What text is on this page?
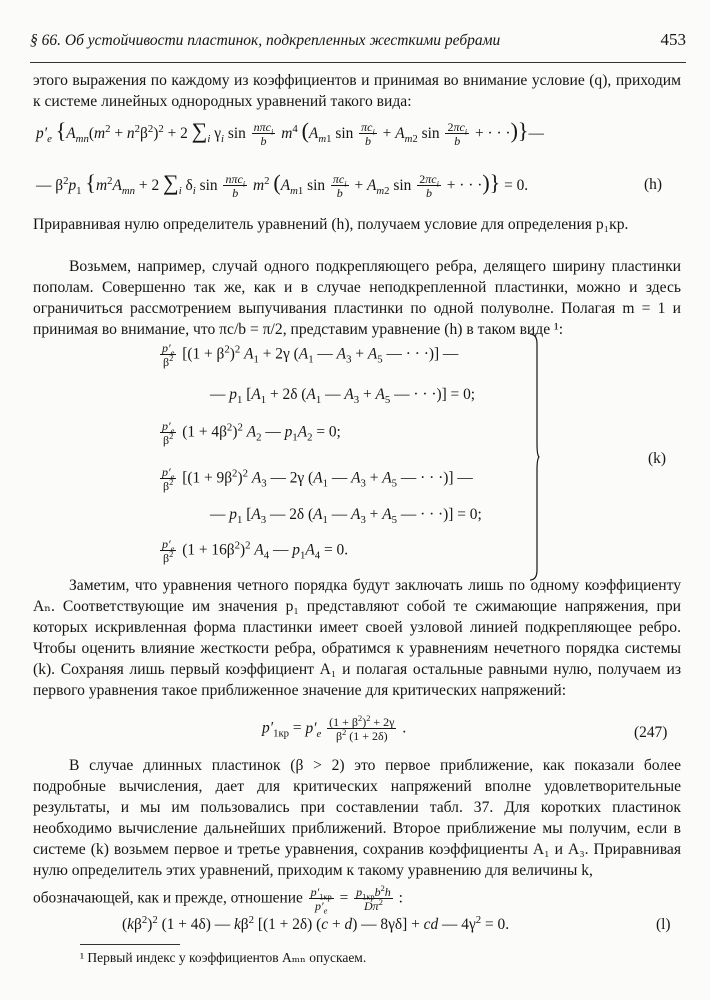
§ 66. Об устойчивости пластинок, подкрепленных жесткими ребрами	453
этого выражения по каждому из коэффициентов и принимая во внимание условие (q), приходим к системе линейных однородных уравнений такого вида:
$p'_e$ {$A_{mn}(m^2 + n^2\beta^2)^2 + 2$ $\sum_i$ $\gamma_i$ $\sin \frac{n\pi c_i}{b} m^4$ ($A_{m1}$ $\sin \frac{\pi c_i}{b} + A_{m2}$ $\sin \frac{2\pi c_i}{b}$ + · · ·)}—
— $\beta^2p_1$ {$m^2A_{mn} + 2$ $\sum_i$ $\delta_i$ $\sin \frac{n\pi c_i}{b} m^2$ ($A_{m1}$ $\sin \frac{\pi c_i}{b} + A_{m2}$ $\sin \frac{2\pi c_i}{b}$ + · · ·)} = 0.	(h)
Приравнивая нулю определитель уравнений (h), получаем условие для определения p₁кр.
Возьмем, например, случай одного подкрепляющего ребра, делящего ширину пластинки пополам. Совершенно так же, как и в случае неподкрепленной пластинки, можно и здесь ограничиться рассмотрением выпучивания пластинки по одной полуволне. Полагая m = 1 и принимая во внимание, что πc/b = π/2, представим уравнение (h) в таком виде ¹:
$\frac{p'_e}{\beta^2} [(1 + \beta^2)^2$ $A_1 + 2\gamma$ ($A_1$ — $A_3 + A_5$ — · · ·)] —
— $p_1$ [$A_1 + 2\delta$ ($A_1$ — $A_3 + A_5$ — · · ·)] = 0;
$\frac{p'_e}{\beta^2} (1 + 4\beta^2)^2$ $A_2$ — $p_1A_2 = 0$;
$\frac{p'_e}{\beta^2} [(1 + 9\beta^2)^2$ $A_3$ — 2γ ($A_1$ — $A_3 + A_5$ — · · ·)] —
— $p_1$ [$A_3$ — 2δ ($A_1$ — $A_3 + A_5$ — · · ·)] = 0;
$\frac{p'_e}{\beta^2} (1 + 16\beta^2)^2$ $A_4$ — $p_1A_4 = 0$.
(k)
Заметим, что уравнения четного порядка будут заключать лишь по одному коэффициенту Aₙ. Соответствующие им значения p₁ представляют собой те сжимающие напряжения, при которых искривленная форма пластинки имеет своей узловой линией подкрепляющее ребро. Чтобы оценить влияние жесткости ребра, обратимся к уравнениям нечетного порядка системы (k). Сохраняя лишь первый коэффициент A₁ и полагая остальные равными нулю, получаем из первого уравнения такое приближенное значение для критических напряжений:
$p'_{1кр} = p'_e \frac{(1 + \beta^2)^2 + 2\gamma}{\beta^2 (1 + 2\delta)}$ .	(247)
В случае длинных пластинок (β > 2) это первое приближение, как показали более подробные вычисления, дает для критических напряжений вполне удовлетворительные результаты, и мы им пользовались при составлении табл. 37. Для коротких пластинок необходимо вычисление дальнейших приближений. Второе приближение мы получим, если в системе (k) возьмем первое и третье уравнения, сохранив коэффициенты A₁ и A₃. Приравнивая нулю определитель этих уравнений, приходим к такому уравнению для величины k,
обозначающей, как и прежде, отношение $\frac{p'_{1кр}}{p'_e} = \frac{p_{1кр}b^2h}{D\pi^2}$ :
$(k\beta^2)^2$ (1 + 4δ) — $k\beta^2$ [(1 + 2δ) (c + d) — 8γδ] + cd — $4\gamma^2 = 0$.	(l)
¹ Первый индекс у коэффициентов Aₘₙ опускаем.
